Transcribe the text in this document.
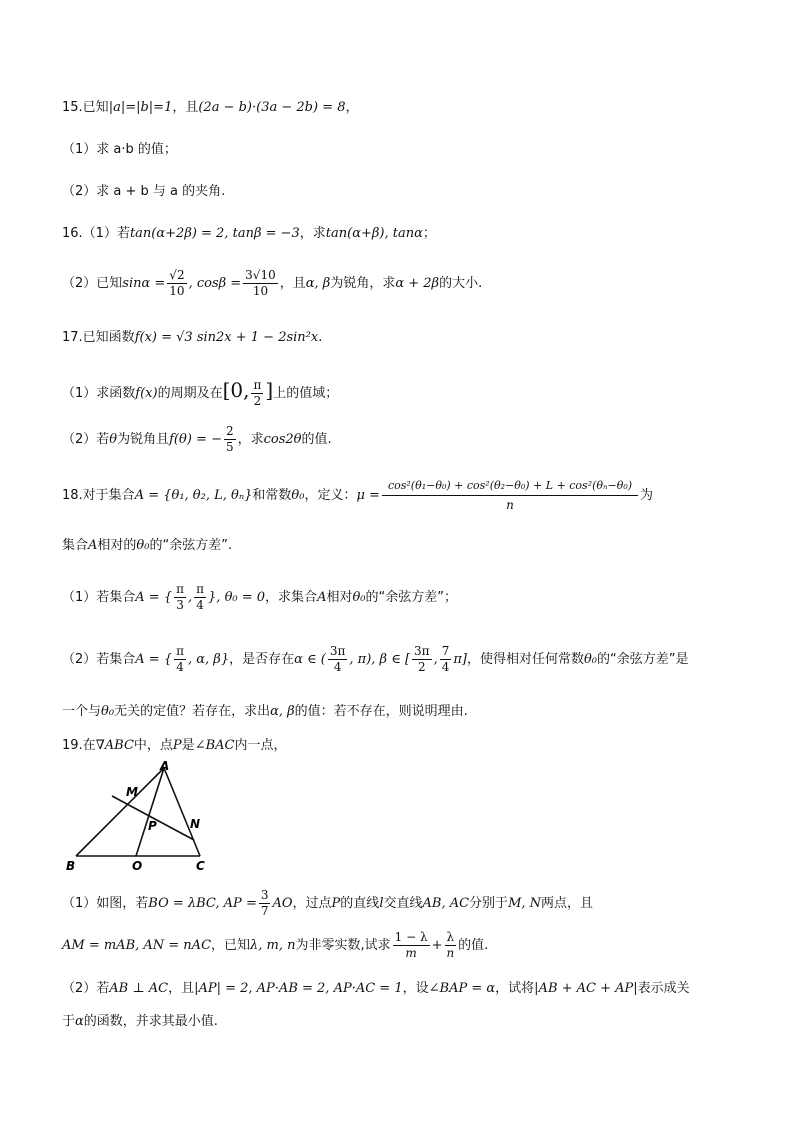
15.已知|a|=|b|=1，且(2a − b)·(3a − 2b) = 8，
（1）求 a·b 的值；
（2）求 a + b 与 a 的夹角.
16.（1）若tan(α+2β) = 2, tanβ = −3，求tan(α+β), tanα；
（2）已知$\sin\alpha = \frac{√2}{10}$ , $\cos\beta = \frac{3√10}{10}$ ，且α, β为锐角，求α + 2β的大小.
17.已知函数f(x) = √3 sin2x + 1 − 2sin²x.
（1）求函数f(x)的周期及在[0, $\frac{\pi}{2}$ ]上的值域；
（2）若θ为锐角且f(θ) = − $\frac{2}{5}$ ，求cos2θ的值.
18.对于集合A = {θ₁, θ₂, L, θₙ}和常数θ₀，定义：$\mu = \frac{\text{cos²(θ₁−θ₀) + cos²(θ₂−θ₀) + L + cos²(θₙ−θ₀)}}{n}$ 为
集合A相对的θ₀的“余弦方差”.
（1）若集合A = { $\frac{\pi}{3}$ , $\frac{\pi}{4}$ }, θ₀ = 0，求集合A相对θ₀的“余弦方差”；
（2）若集合A = { $\frac{\pi}{4}$ , α, β}，是否存在α ∈ ( $\frac{3\pi}{4}$ , π), β ∈ [ $\frac{3\pi}{2}$ , $\frac{7}{4} \pi$]，使得相对任何常数θ₀的“余弦方差”是
一个与θ₀无关的定值？若存在，求出α, β的值：若不存在，则说明理由.
19.在∇ABC中，点P是∠BAC内一点，
A
B	C
M
N
P
O
（1）如图，若BO = λBC, AP = $\frac{3}{7}$ AO，过点P的直线l交直线AB, AC分别于M, N两点，且
AM = mAB, AN = nAC，已知λ, m, n为非零实数,试求 $\frac{1 - \lambda}{m} + \frac{\lambda}{n}$ 的值.
（2）若AB ⊥ AC，且|AP| = 2, AP·AB = 2, AP·AC = 1，设∠BAP = α，试将|AB + AC + AP|表示成关
于α的函数，并求其最小值.
